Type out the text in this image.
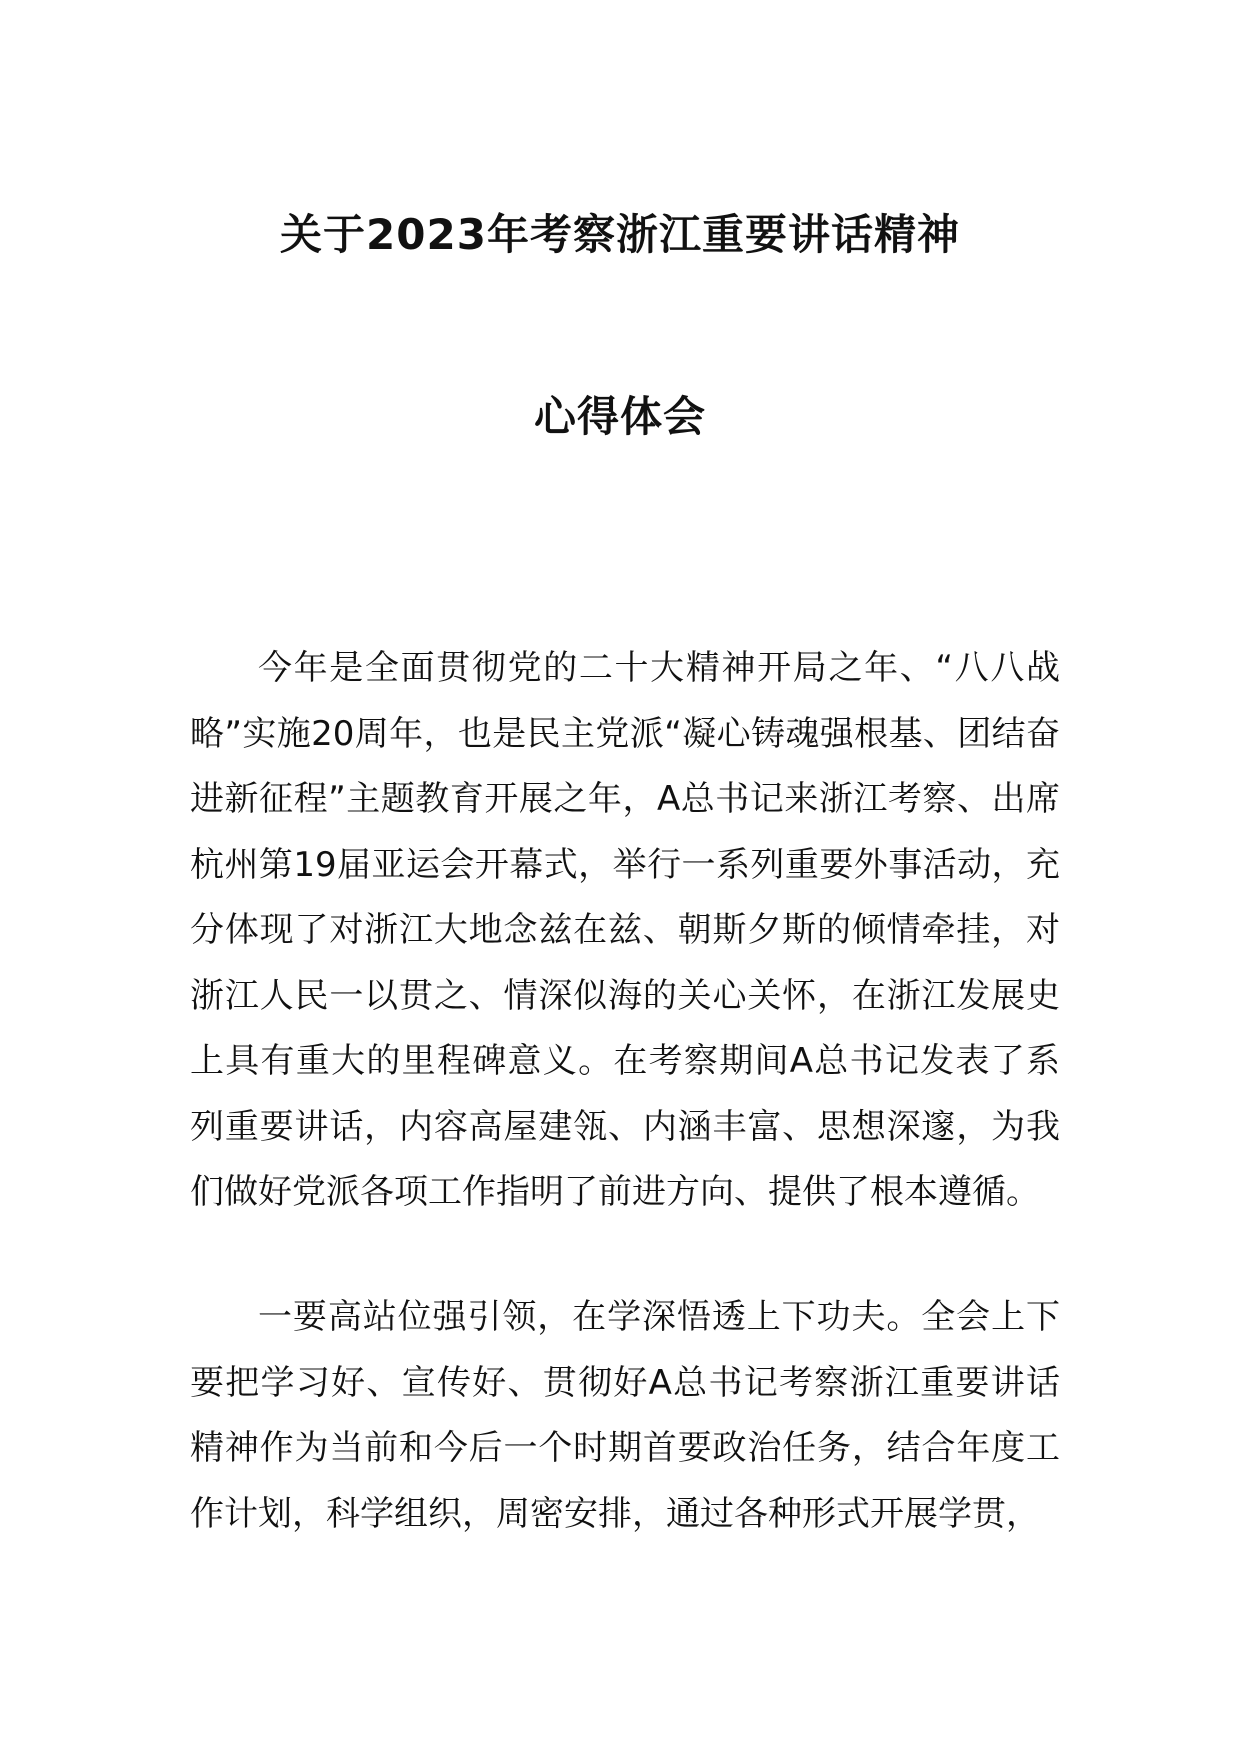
关于2023年考察浙江重要讲话精神
心得体会

今年是全面贯彻党的二十大精神开局之年、“八八战略”实施20周年，也是民主党派“凝心铸魂强根基、团结奋进新征程”主题教育开展之年，A总书记来浙江考察、出席杭州第19届亚运会开幕式，举行一系列重要外事活动，充分体现了对浙江大地念兹在兹、朝斯夕斯的倾情牵挂，对浙江人民一以贯之、情深似海的关心关怀，在浙江发展史上具有重大的里程碑意义。在考察期间A总书记发表了系列重要讲话，内容高屋建瓴、内涵丰富、思想深邃，为我们做好党派各项工作指明了前进方向、提供了根本遵循。

一要高站位强引领，在学深悟透上下功夫。全会上下要把学习好、宣传好、贯彻好A总书记考察浙江重要讲话精神作为当前和今后一个时期首要政治任务，结合年度工作计划，科学组织，周密安排，通过各种形式开展学贯，
